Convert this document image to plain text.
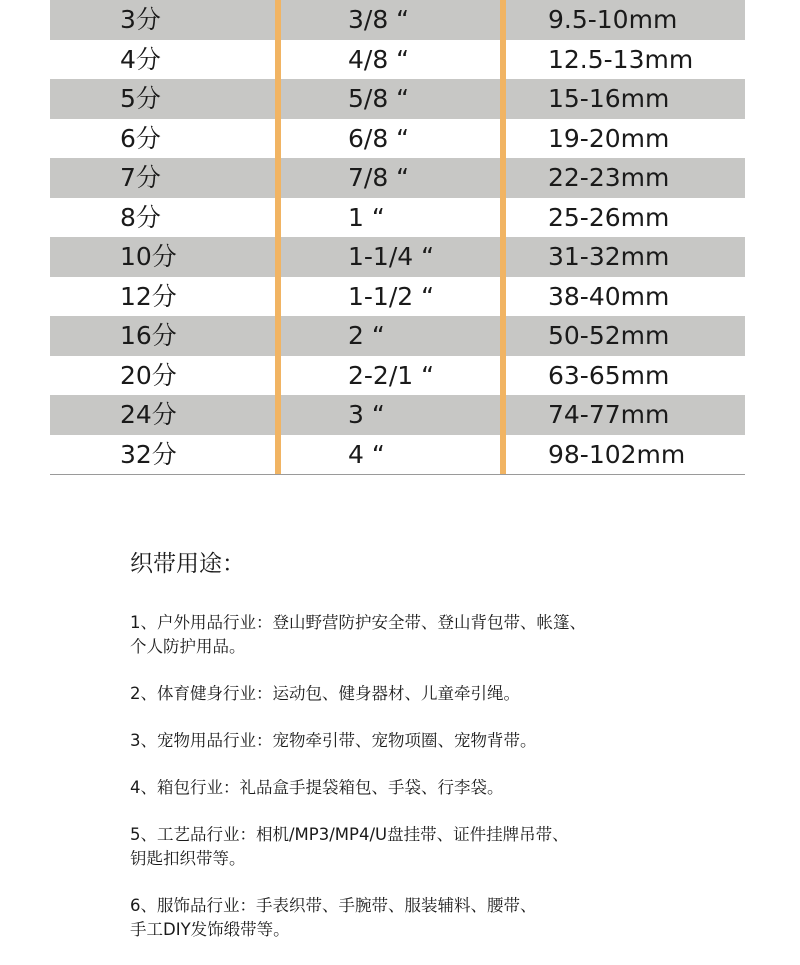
3分	3/8 “	9.5-10mm
4分	4/8 “	12.5-13mm
5分	5/8 “	15-16mm
6分	6/8 “	19-20mm
7分	7/8 “	22-23mm
8分	1 “	25-26mm
10分	1-1/4 “	31-32mm
12分	1-1/2 “	38-40mm
16分	2 “	50-52mm
20分	2-2/1 “	63-65mm
24分	3 “	74-77mm
32分	4 “	98-102mm
织带用途：
1、户外用品行业：登山野营防护安全带、登山背包带、帐篷、
个人防护用品。
2、体育健身行业：运动包、健身器材、儿童牵引绳。
3、宠物用品行业：宠物牵引带、宠物项圈、宠物背带。
4、箱包行业：礼品盒手提袋箱包、手袋、行李袋。
5、工艺品行业：相机/MP3/MP4/U盘挂带、证件挂牌吊带、
钥匙扣织带等。
6、服饰品行业：手表织带、手腕带、服装辅料、腰带、
手工DIY发饰缎带等。
